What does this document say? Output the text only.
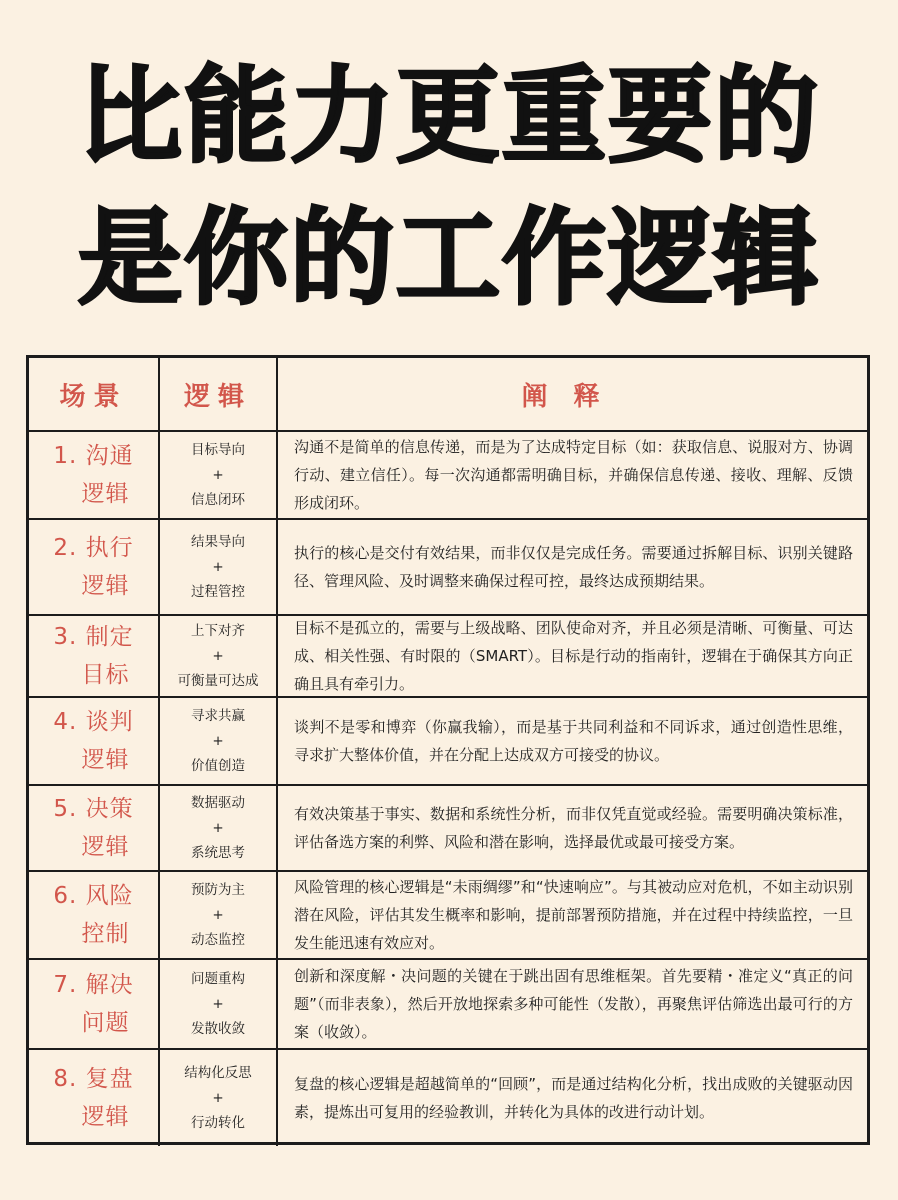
比能力更重要的
是你的工作逻辑
场景	逻辑	阐释
1. 沟通
逻辑
目标导向
+
信息闭环
沟通不是简单的信息传递，而是为了达成特定目标（如：获取信息、说服对方、协调行动、建立信任）。每一次沟通都需明确目标，并确保信息传递、接收、理解、反馈形成闭环。
2. 执行
逻辑
结果导向
+
过程管控
执行的核心是交付有效结果，而非仅仅是完成任务。需要通过拆解目标、识别关键路径、管理风险、及时调整来确保过程可控，最终达成预期结果。
3. 制定
目标
上下对齐
+
可衡量可达成
目标不是孤立的，需要与上级战略、团队使命对齐，并且必须是清晰、可衡量、可达成、相关性强、有时限的（SMART）。目标是行动的指南针，逻辑在于确保其方向正确且具有牵引力。
4. 谈判
逻辑
寻求共赢
+
价值创造
谈判不是零和博弈（你赢我输），而是基于共同利益和不同诉求，通过创造性思维，寻求扩大整体价值，并在分配上达成双方可接受的协议。
5. 决策
逻辑
数据驱动
+
系统思考
有效决策基于事实、数据和系统性分析，而非仅凭直觉或经验。需要明确决策标准，评估备选方案的利弊、风险和潜在影响，选择最优或最可接受方案。
6. 风险
控制
预防为主
+
动态监控
风险管理的核心逻辑是“未雨绸缪”和“快速响应”。与其被动应对危机，不如主动识别潜在风险，评估其发生概率和影响，提前部署预防措施，并在过程中持续监控，一旦发生能迅速有效应对。
7. 解决
问题
问题重构
+
发散收敛
创新和深度解・决问题的关键在于跳出固有思维框架。首先要精・准定义“真正的问题”（而非表象），然后开放地探索多种可能性（发散），再聚焦评估筛选出最可行的方案（收敛）。
8. 复盘
逻辑
结构化反思
+
行动转化
复盘的核心逻辑是超越简单的“回顾”，而是通过结构化分析，找出成败的关键驱动因素，提炼出可复用的经验教训，并转化为具体的改进行动计划。
